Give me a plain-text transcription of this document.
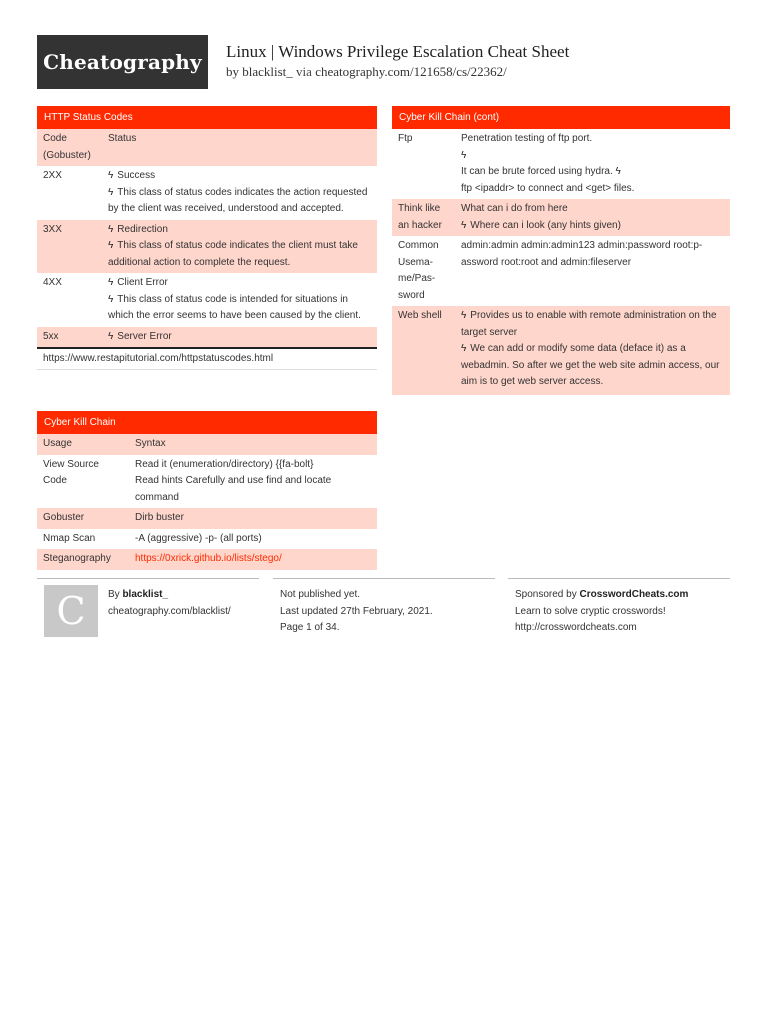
Cheatography	Linux | Windows Privilege Escalation Cheat Sheet
by blacklist_ via cheatography.com/121658/cs/22362/
HTTP Status Codes
Code (Gobuster)	Status
2XX	ϟ Success
ϟ This class of status codes indicates the action requested by the client was received, understood and accepted.

3XX	ϟ Redirection
ϟ This class of status code indicates the client must take additional action to complete the request.

4XX	ϟ Client Error
ϟ This class of status code is intended for situations in which the error seems to have been caused by the client.

5xx	ϟ Server Error
https://www.restapitutorial.com/httpstatuscodes.html
Cyber Kill Chain
Usage	Syntax
View Source Code	Read it (enumeration/directory) {{fa-bolt}
Read hints Carefully and use find and locate command

Gobuster	Dirb buster
Nmap Scan	-A (aggressive) -p- (all ports)
Steganography	https://0xrick.github.io/lists/stego/
Cyber Kill Chain (cont)
Ftp	Penetration testing of ftp port.
ϟ
It can be brute forced using hydra. ϟ
ftp <ipaddr> to connect and <get> files.

Think like an hacker	What can i do from here
ϟ Where can i look (any hints given)

Common Usema-me/Pas-sword	admin:admin admin:admin123 admin:password root:p-assword root:root and admin:fileserver
Web shell	ϟ Provides us to enable with remote administration on the target server
ϟ We can add or modify some data (deface it) as a webadmin. So after we get the web site admin access, our aim is to get web server access.
C	By blacklist_
cheatography.com/blacklist/
Not published yet.
Last updated 27th February, 2021.
Page 1 of 34.
Sponsored by CrosswordCheats.com
Learn to solve cryptic crosswords!
http://crosswordcheats.com
